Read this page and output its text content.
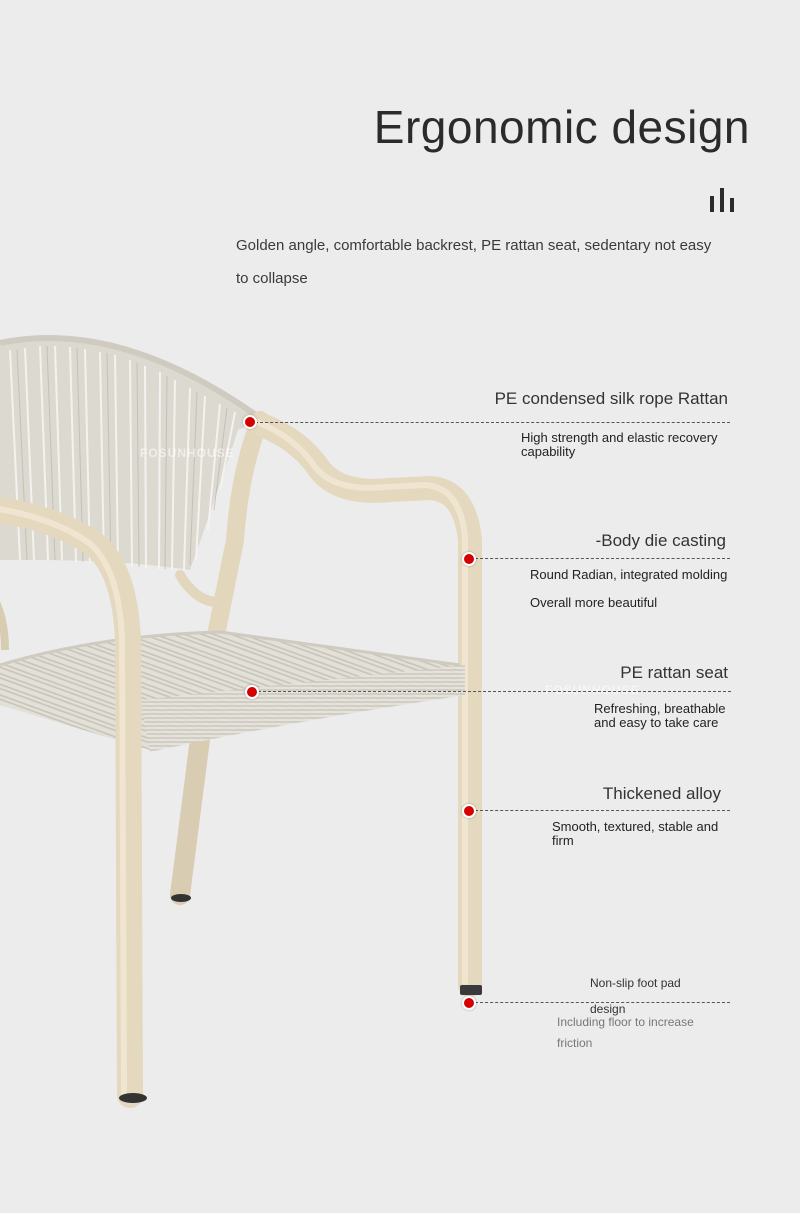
Ergonomic design

Golden angle, comfortable backrest, PE rattan seat, sedentary not easy
to collapse

FOSUNHOUSE
FOSUNHOUSE
PE condensed silk rope Rattan
High strength and elastic recovery
capability
-Body die casting
Round Radian, integrated molding
Overall more beautiful
PE rattan seat
Refreshing, breathable
and easy to take care
Thickened alloy
Smooth, textured, stable and
firm
Non-slip foot pad
design
Including floor to increase
friction
